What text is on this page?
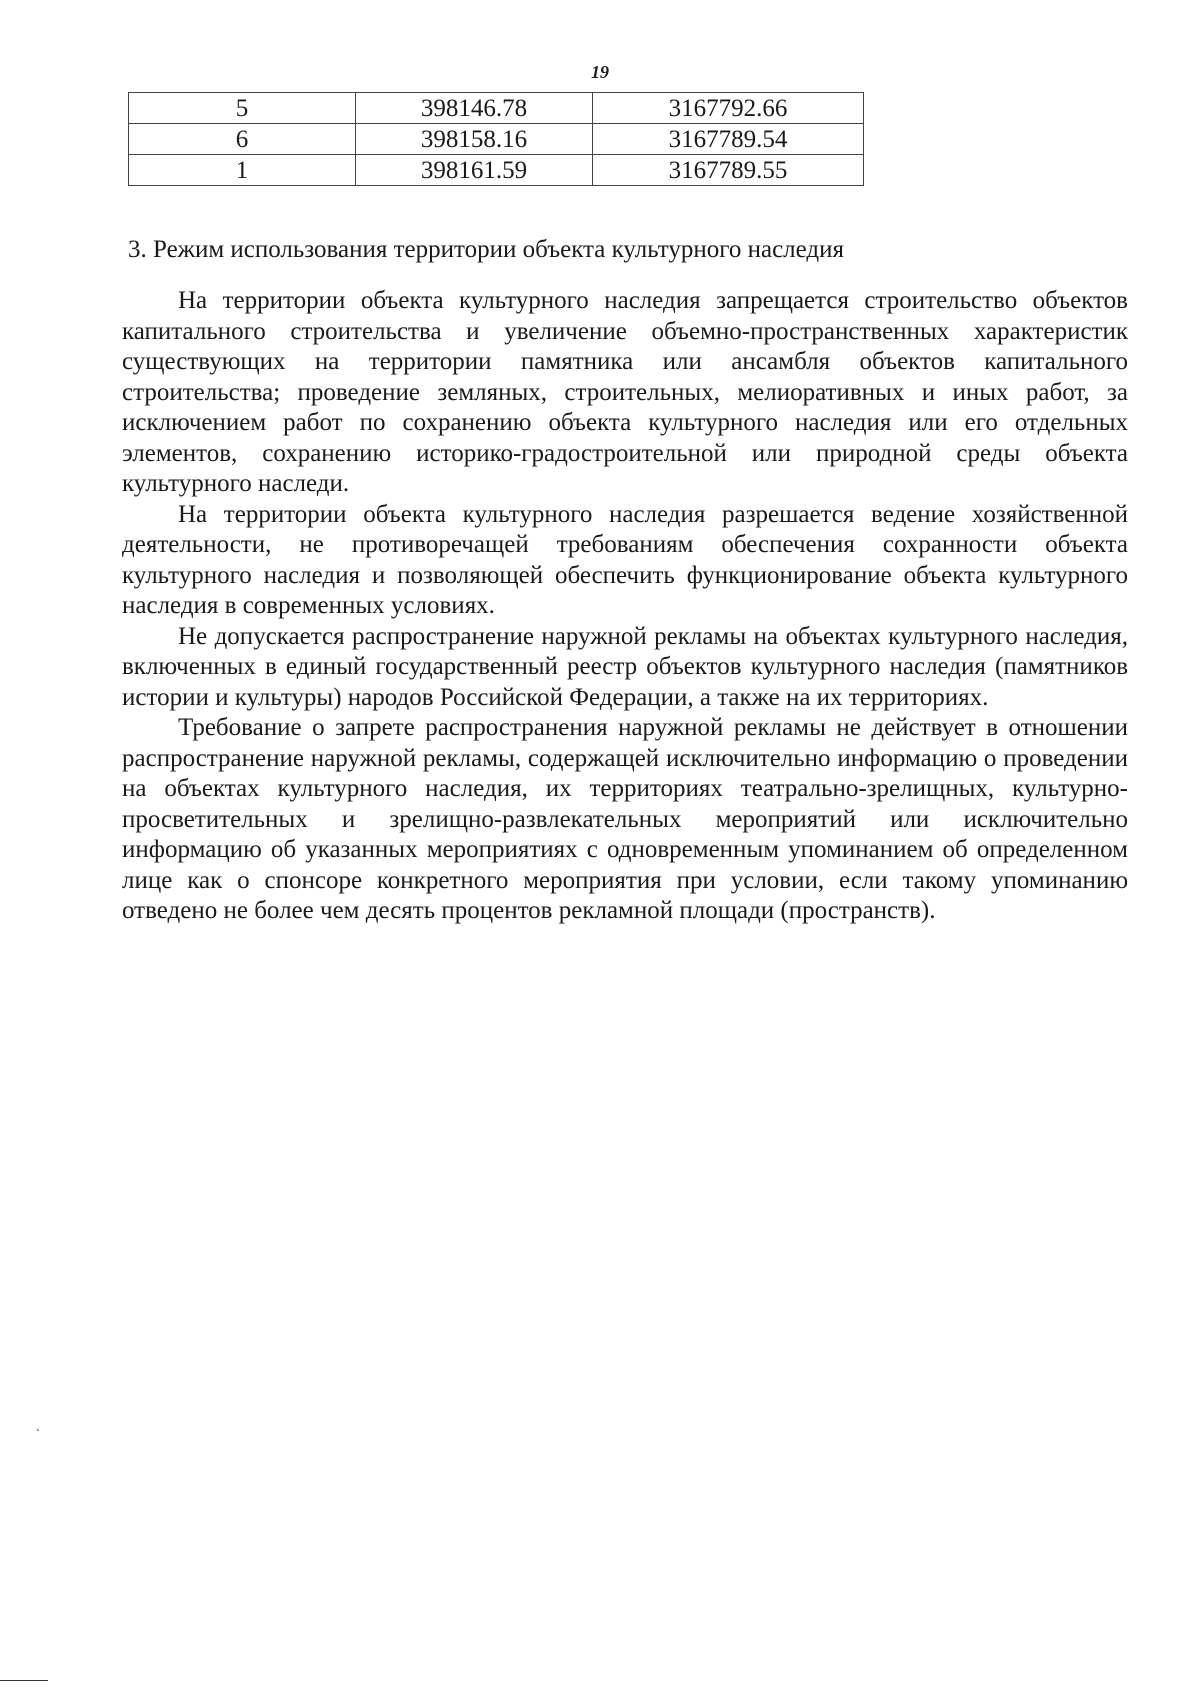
19
5	398146.78	3167792.66
6	398158.16	3167789.54
1	398161.59	3167789.55
3. Режим использования территории объекта культурного наследия

На территории объекта культурного наследия запрещается строительство объектов капитального строительства и увеличение объемно-пространственных характеристик существующих на территории памятника или ансамбля объектов капитального строительства; проведение земляных, строительных, мелиоративных и иных работ, за исключением работ по сохранению объекта культурного наследия или его отдельных элементов, сохранению историко-градостроительной или природной среды объекта культурного наследи.

На территории объекта культурного наследия разрешается ведение хозяйственной деятельности, не противоречащей требованиям обеспечения сохранности объекта культурного наследия и позволяющей обеспечить функционирование объекта культурного наследия в современных условиях.

Не допускается распространение наружной рекламы на объектах культурного наследия, включенных в единый государственный реестр объектов культурного наследия (памятников истории и культуры) народов Российской Федерации, а также на их территориях.

Требование о запрете распространения наружной рекламы не действует в отношении распространение наружной рекламы, содержащей исключительно информацию о проведении на объектах культурного наследия, их территориях театрально-зрелищных, культурно-просветительных и зрелищно-развлекательных мероприятий или исключительно информацию об указанных мероприятиях с одновременным упоминанием об определенном лице как о спонсоре конкретного мероприятия при условии, если такому упоминанию отведено не более чем десять процентов рекламной площади (пространств).

‘
